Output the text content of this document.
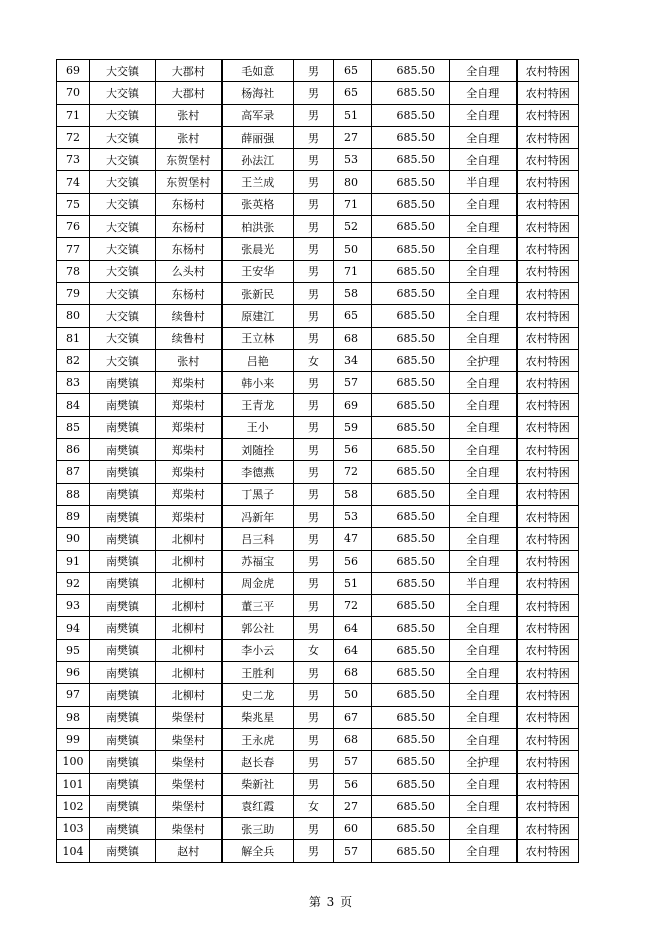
69	大交镇	大郡村	毛如意	男	65	685.50	全自理	农村特困
70	大交镇	大郡村	杨海社	男	65	685.50	全自理	农村特困
71	大交镇	张村	高军录	男	51	685.50	全自理	农村特困
72	大交镇	张村	薛丽强	男	27	685.50	全自理	农村特困
73	大交镇	东贺堡村	孙法江	男	53	685.50	全自理	农村特困
74	大交镇	东贺堡村	王兰成	男	80	685.50	半自理	农村特困
75	大交镇	东杨村	张英格	男	71	685.50	全自理	农村特困
76	大交镇	东杨村	柏洪张	男	52	685.50	全自理	农村特困
77	大交镇	东杨村	张晨光	男	50	685.50	全自理	农村特困
78	大交镇	么头村	王安华	男	71	685.50	全自理	农村特困
79	大交镇	东杨村	张新民	男	58	685.50	全自理	农村特困
80	大交镇	续鲁村	原建江	男	65	685.50	全自理	农村特困
81	大交镇	续鲁村	王立林	男	68	685.50	全自理	农村特困
82	大交镇	张村	吕艳	女	34	685.50	全护理	农村特困
83	南樊镇	郑柴村	韩小来	男	57	685.50	全自理	农村特困
84	南樊镇	郑柴村	王青龙	男	69	685.50	全自理	农村特困
85	南樊镇	郑柴村	王小	男	59	685.50	全自理	农村特困
86	南樊镇	郑柴村	刘随拴	男	56	685.50	全自理	农村特困
87	南樊镇	郑柴村	李德燕	男	72	685.50	全自理	农村特困
88	南樊镇	郑柴村	丁黑子	男	58	685.50	全自理	农村特困
89	南樊镇	郑柴村	冯新年	男	53	685.50	全自理	农村特困
90	南樊镇	北柳村	吕三科	男	47	685.50	全自理	农村特困
91	南樊镇	北柳村	苏福宝	男	56	685.50	全自理	农村特困
92	南樊镇	北柳村	周金虎	男	51	685.50	半自理	农村特困
93	南樊镇	北柳村	董三平	男	72	685.50	全自理	农村特困
94	南樊镇	北柳村	郭公社	男	64	685.50	全自理	农村特困
95	南樊镇	北柳村	李小云	女	64	685.50	全自理	农村特困
96	南樊镇	北柳村	王胜利	男	68	685.50	全自理	农村特困
97	南樊镇	北柳村	史二龙	男	50	685.50	全自理	农村特困
98	南樊镇	柴堡村	柴兆星	男	67	685.50	全自理	农村特困
99	南樊镇	柴堡村	王永虎	男	68	685.50	全自理	农村特困
100	南樊镇	柴堡村	赵长春	男	57	685.50	全护理	农村特困
101	南樊镇	柴堡村	柴新社	男	56	685.50	全自理	农村特困
102	南樊镇	柴堡村	袁红霞	女	27	685.50	全自理	农村特困
103	南樊镇	柴堡村	张三助	男	60	685.50	全自理	农村特困
104	南樊镇	赵村	解全兵	男	57	685.50	全自理	农村特困
第 3 页
